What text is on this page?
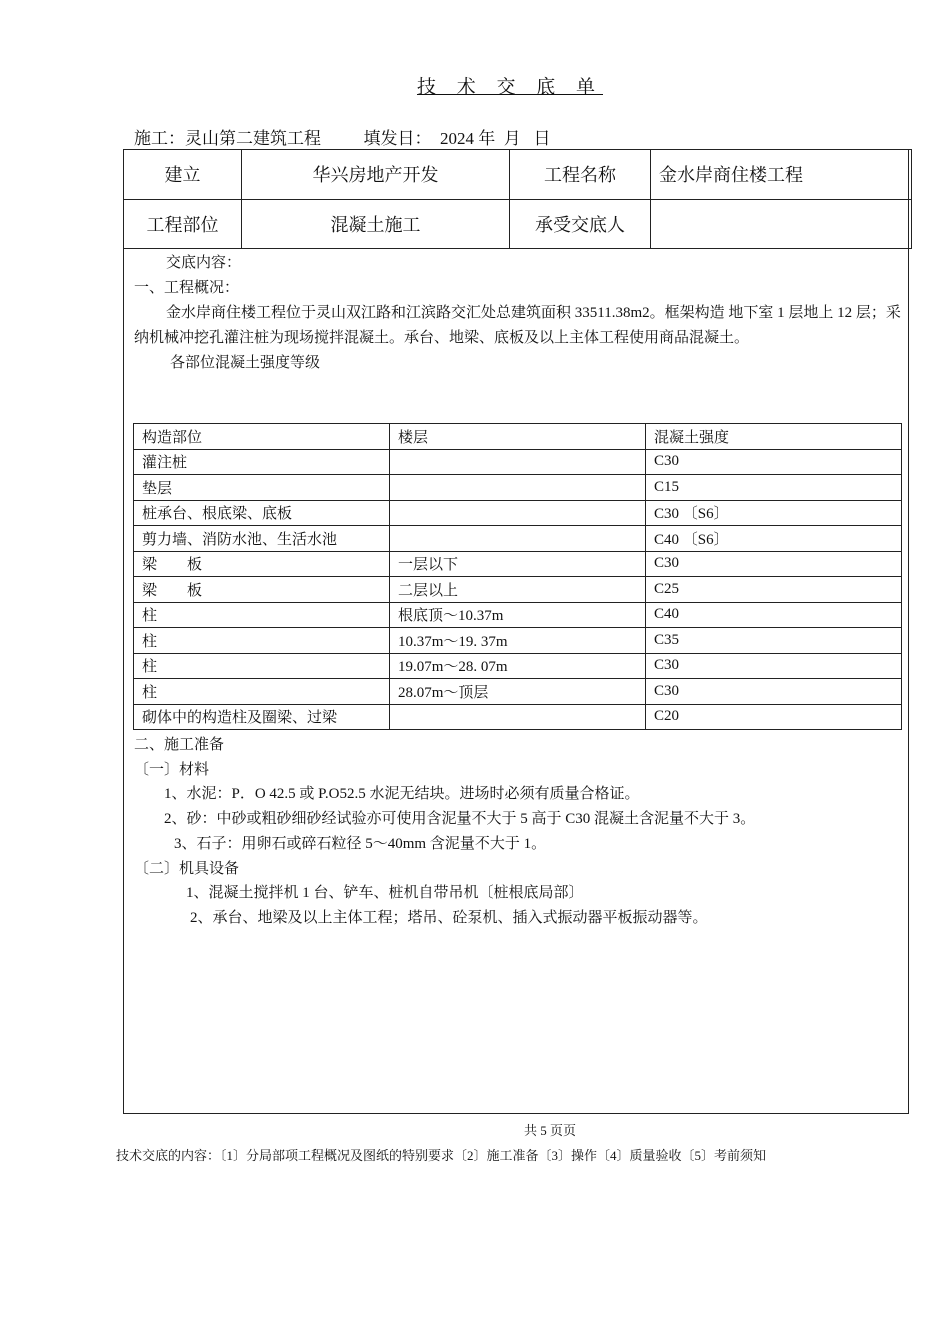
技 术 交 底 单
施工：灵山第二建筑工程          填发日：  2024 年  月   日
建立	华兴房地产开发	工程名称	金水岸商住楼工程
工程部位	混凝土施工	承受交底人	

交底内容：

一、工程概况：

金水岸商住楼工程位于灵山双江路和江滨路交汇处总建筑面积 33511.38m2。框架构造 地下室 1 层地上 12 层；采纳机械冲挖孔灌注桩为现场搅拌混凝土。承台、地梁、底板及以上主体工程使用商品混凝土。

各部位混凝土强度等级

构造部位	楼层	混凝土强度
灌注桩		C30
垫层		C15
桩承台、根底梁、底板		C30 〔S6〕
剪力墙、消防水池、生活水池		C40 〔S6〕
梁　　板	一层以下	C30
梁　　板	二层以上	C25
柱	根底顶～10.37m	C40
柱	10.37m～19. 37m	C35
柱	19.07m～28. 07m	C30
柱	28.07m～顶层	C30
砌体中的构造柱及圈梁、过梁		C20

二、施工准备

〔一〕材料

1、水泥：P．O 42.5 或 P.O52.5 水泥无结块。进场时必须有质量合格证。

2、砂：中砂或粗砂细砂经试验亦可使用含泥量不大于 5 高于 C30 混凝土含泥量不大于 3。

3、石子：用卵石或碎石粒径 5～40mm 含泥量不大于 1。

〔二〕机具设备

1、混凝土搅拌机 1 台、铲车、桩机自带吊机〔桩根底局部〕

2、承台、地梁及以上主体工程；塔吊、砼泵机、插入式振动器平板振动器等。

共 5 页页
技术交底的内容：〔1〕分局部项工程概况及图纸的特别要求〔2〕施工准备〔3〕操作〔4〕质量验收〔5〕考前须知
